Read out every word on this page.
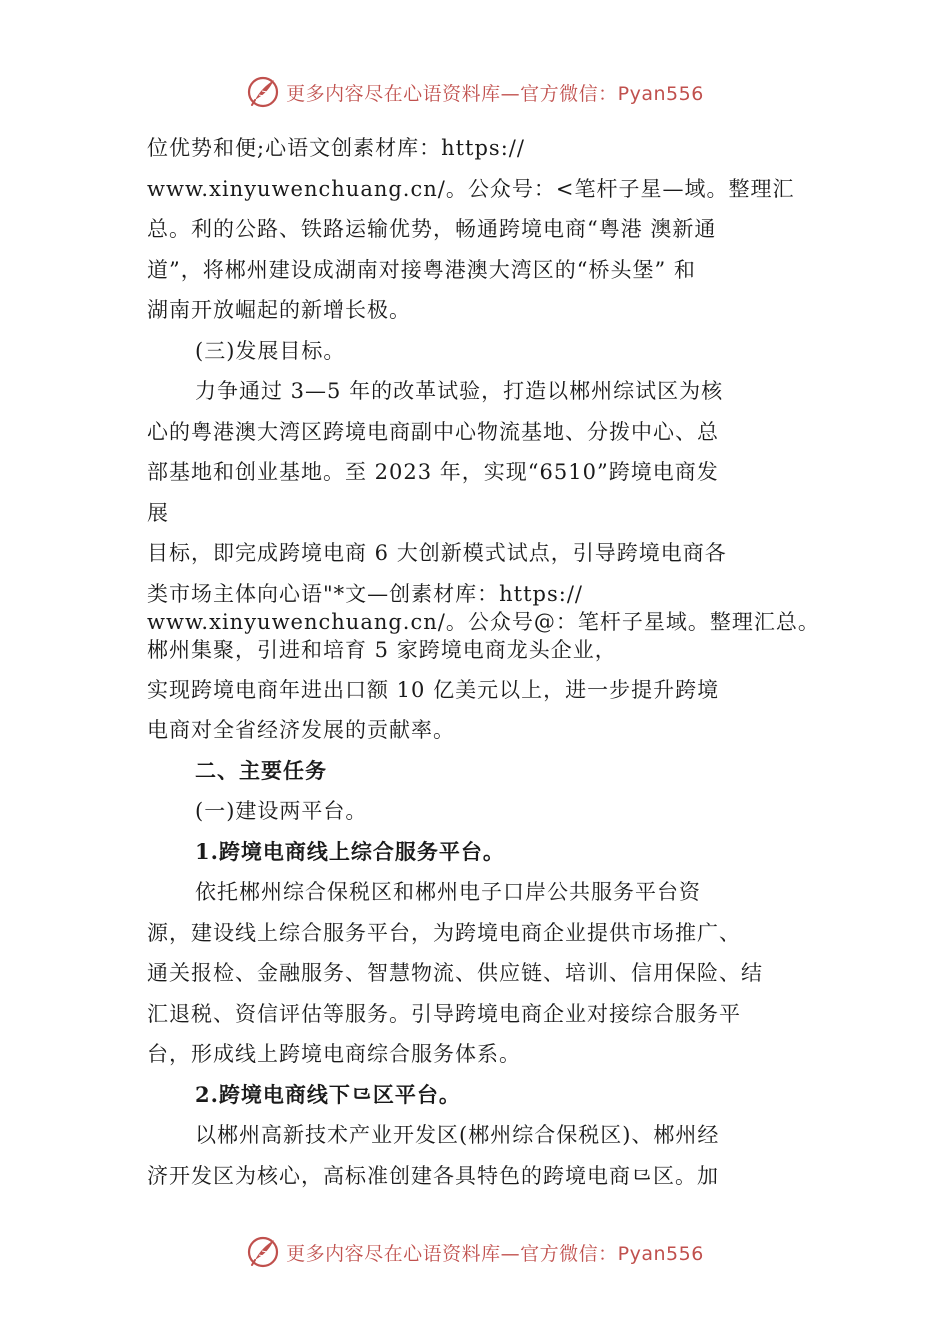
更多内容尽在心语资料库—官方微信：Pyan556
位优势和便;心语文创素材库：https://
www.xinyuwenchuang.cn/。公众号：<笔杆子星—域。整理汇
总。利的公路、铁路运输优势，畅通跨境电商“粤港 澳新通
道”，将郴州建设成湖南对接粤港澳大湾区的“桥头堡” 和
湖南开放崛起的新增长极。
(三)发展目标。
力争通过 3—5 年的改革试验，打造以郴州综试区为核
心的粤港澳大湾区跨境电商副中心物流基地、分拨中心、总
部基地和创业基地。至 2023 年，实现“6510”跨境电商发
展
目标，即完成跨境电商 6 大创新模式试点，引导跨境电商各
类市场主体向心语"*文—创素材库：https://
www.xinyuwenchuang.cn/。公众号@：笔杆子星域。整理汇总。
郴州集聚，引进和培育 5 家跨境电商龙头企业，
实现跨境电商年进出口额 10 亿美元以上，进一步提升跨境
电商对全省经济发展的贡献率。
二、主要任务
(一)建设两平台。
1.跨境电商线上综合服务平台。
依托郴州综合保税区和郴州电子口岸公共服务平台资
源，建设线上综合服务平台，为跨境电商企业提供市场推广、
通关报检、金融服务、智慧物流、供应链、培训、信用保险、结
汇退税、资信评估等服务。引导跨境电商企业对接综合服务平
台，形成线上跨境电商综合服务体系。
2.跨境电商线下⺋区平台。
以郴州高新技术产业开发区(郴州综合保税区)、郴州经
济开发区为核心，高标准创建各具特色的跨境电商⺋区。加
更多内容尽在心语资料库—官方微信：Pyan556
